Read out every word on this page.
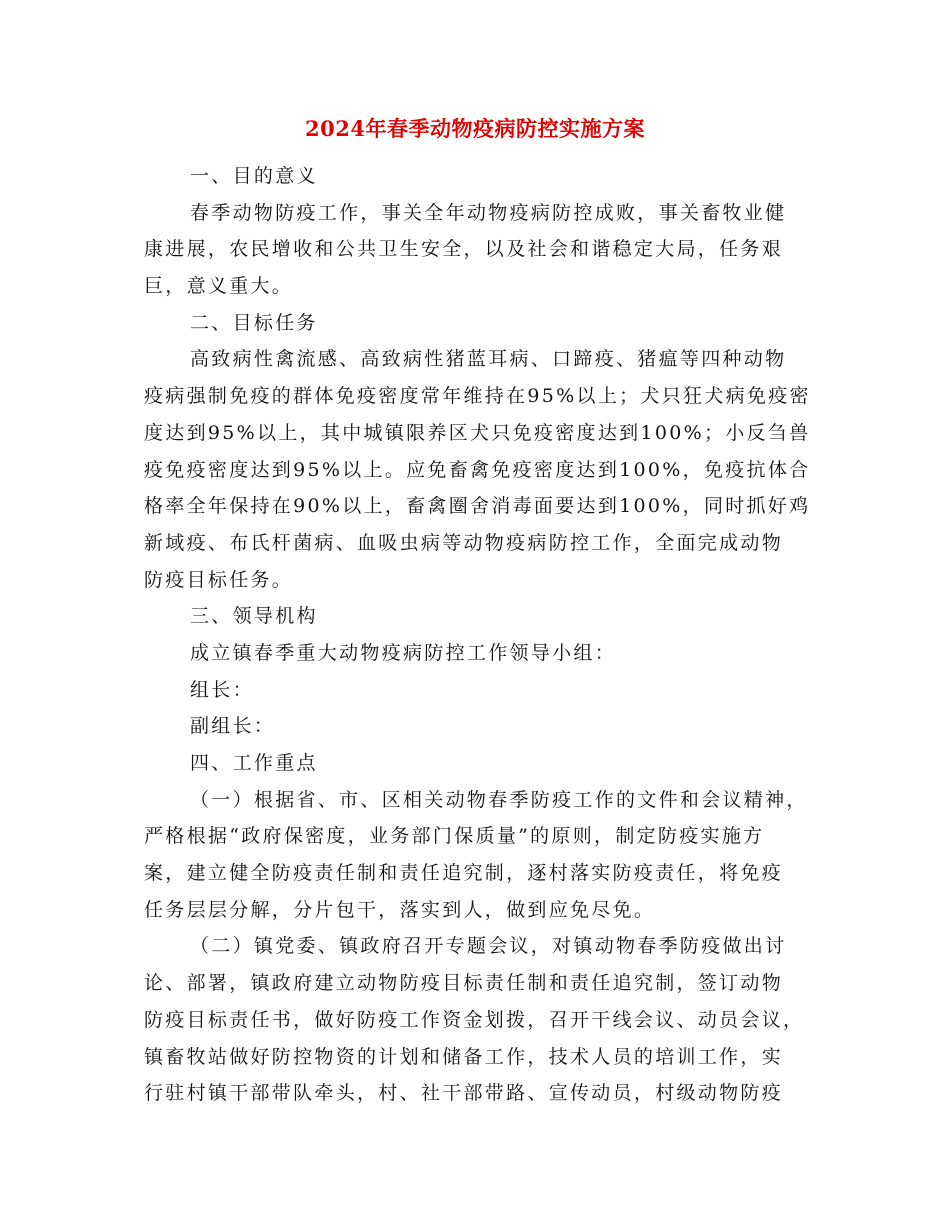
2024年春季动物疫病防控实施方案
一、目的意义
春季动物防疫工作，事关全年动物疫病防控成败，事关畜牧业健
康进展，农民增收和公共卫生安全，以及社会和谐稳定大局，任务艰
巨，意义重大。
二、目标任务
高致病性禽流感、高致病性猪蓝耳病、口蹄疫、猪瘟等四种动物
疫病强制免疫的群体免疫密度常年维持在95%以上；犬只狂犬病免疫密
度达到95%以上，其中城镇限养区犬只免疫密度达到100%；小反刍兽
疫免疫密度达到95%以上。应免畜禽免疫密度达到100%，免疫抗体合
格率全年保持在90%以上，畜禽圈舍消毒面要达到100%，同时抓好鸡
新域疫、布氏杆菌病、血吸虫病等动物疫病防控工作，全面完成动物
防疫目标任务。
三、领导机构
成立镇春季重大动物疫病防控工作领导小组：
组长：
副组长：
四、工作重点
（一）根据省、市、区相关动物春季防疫工作的文件和会议精神，
严格根据“政府保密度，业务部门保质量”的原则，制定防疫实施方
案，建立健全防疫责任制和责任追究制，逐村落实防疫责任，将免疫
任务层层分解，分片包干，落实到人，做到应免尽免。
（二）镇党委、镇政府召开专题会议，对镇动物春季防疫做出讨
论、部署，镇政府建立动物防疫目标责任制和责任追究制，签订动物
防疫目标责任书，做好防疫工作资金划拨，召开干线会议、动员会议，
镇畜牧站做好防控物资的计划和储备工作，技术人员的培训工作，实
行驻村镇干部带队牵头，村、社干部带路、宣传动员，村级动物防疫
